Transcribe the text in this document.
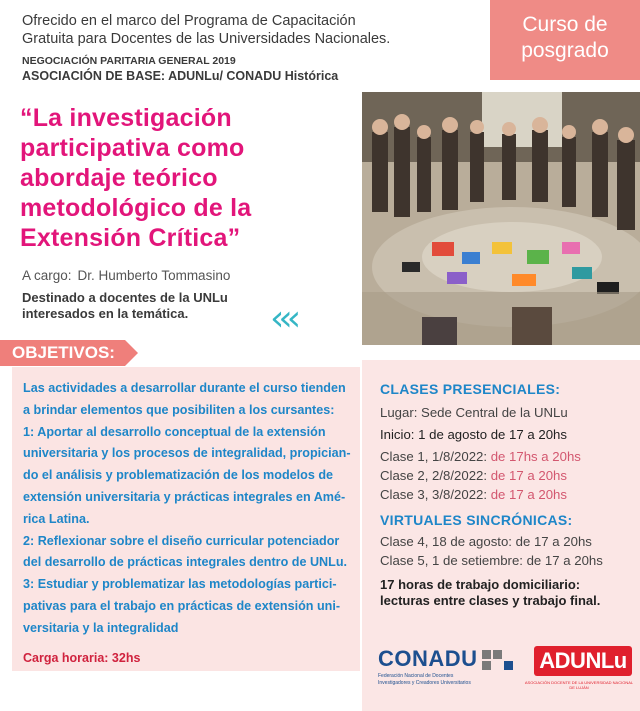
Ofrecido en el marco del Programa de Capacitación
Gratuita para Docentes de las Universidades Nacionales.
NEGOCIACIÓN PARITARIA GENERAL 2019
ASOCIACIÓN DE BASE: ADUNLu/ CONADU Histórica
Curso de
posgrado
“La investigación
participativa como
abordaje teórico
metodológico de la
Extensión Crítica”
A cargo: Dr. Humberto Tommasino
Destinado a docentes de la UNLu
interesados en la temática.	‹‹‹
OBJETIVOS:
Las actividades a desarrollar durante el curso tienden
a brindar elementos que posibiliten a los cursantes:
1: Aportar al desarrollo conceptual de la extensión
universitaria y los procesos de integralidad, propician-
do el análisis y problematización de los modelos de
extensión universitaria y prácticas integrales en Amé-
rica Latina.
2: Reflexionar sobre el diseño curricular potenciador
del desarrollo de prácticas integrales dentro de UNLu.
3: Estudiar y problematizar las metodologías partici-
pativas para el trabajo en prácticas de extensión uni-
versitaria y la integralidad
Carga horaria: 32hs
CLASES PRESENCIALES:
Lugar: Sede Central de la UNLu
Inicio: 1 de agosto de 17 a 20hs
Clase 1, 1/8/2022: de 17hs a 20hs
Clase 2, 2/8/2022: de 17 a 20hs
Clase 3, 3/8/2022: de 17 a 20hs
VIRTUALES SINCRÓNICAS:
Clase 4, 18 de agosto: de 17 a 20hs
Clase 5, 1 de setiembre: de 17 a 20hs
17 horas de trabajo domiciliario:
lecturas entre clases y trabajo final.
CONADU
Federación Nacional de Docentes
Investigadores y Creadores Universitarios
ADUNLu
ASOCIACIÓN DOCENTE DE LA UNIVERSIDAD NACIONAL DE LUJÁN
